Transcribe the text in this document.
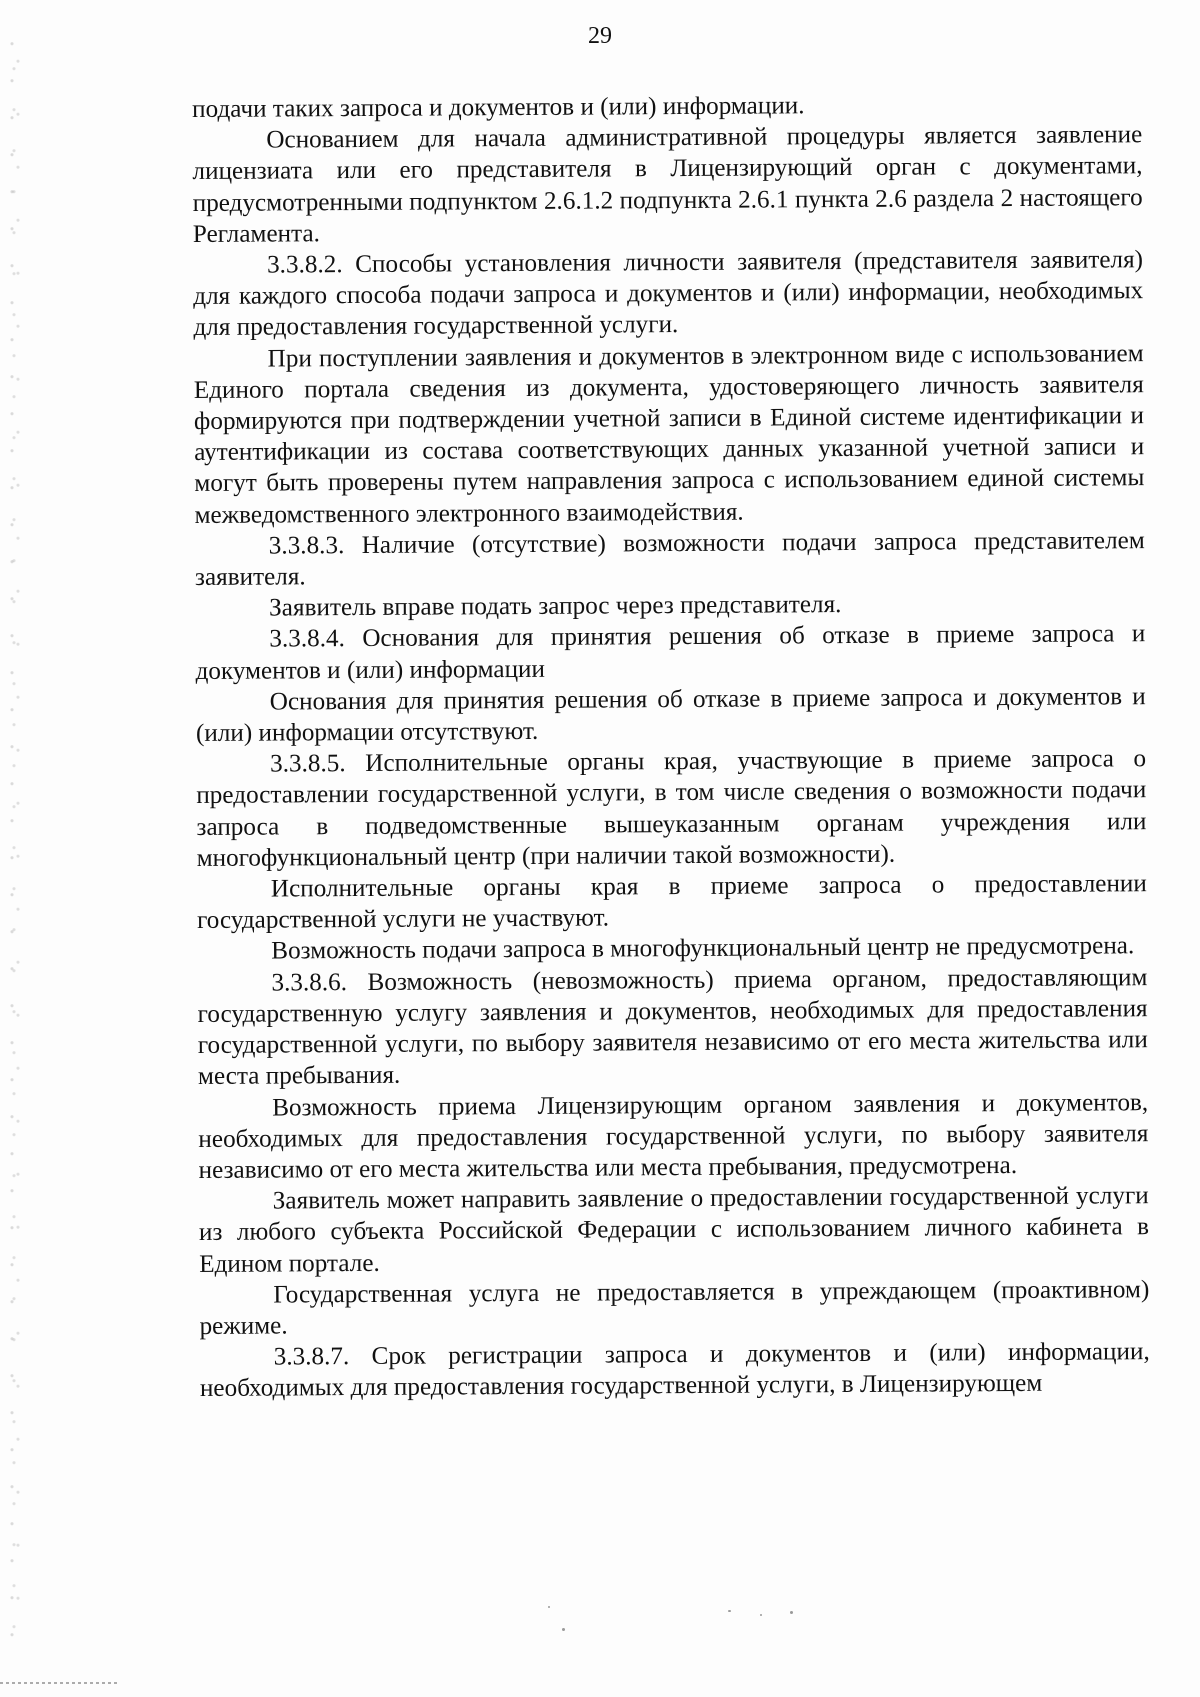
29

подачи таких запроса и документов и (или) информации.

Основанием для начала административной процедуры является заявление лицензиата или его представителя в Лицензирующий орган с документами, предусмотренными подпунктом 2.6.1.2 подпункта 2.6.1 пункта 2.6 раздела 2 настоящего Регламента.

3.3.8.2. Способы установления личности заявителя (представителя заявителя) для каждого способа подачи запроса и документов и (или) информации, необходимых для предоставления государственной услуги.

При поступлении заявления и документов в электронном виде с использованием Единого портала сведения из документа, удостоверяющего личность заявителя формируются при подтверждении учетной записи в Единой системе идентификации и аутентификации из состава соответствующих данных указанной учетной записи и могут быть проверены путем направления запроса с использованием единой системы межведомственного электронного взаимодействия.

3.3.8.3. Наличие (отсутствие) возможности подачи запроса представителем заявителя.

Заявитель вправе подать запрос через представителя.

3.3.8.4. Основания для принятия решения об отказе в приеме запроса и документов и (или) информации

Основания для принятия решения об отказе в приеме запроса и документов и (или) информации отсутствуют.

3.3.8.5. Исполнительные органы края, участвующие в приеме запроса о предоставлении государственной услуги, в том числе сведения о возможности подачи запроса в подведомственные вышеуказанным органам учреждения или многофункциональный центр (при наличии такой возможности).

Исполнительные органы края в приеме запроса о предоставлении государственной услуги не участвуют.

Возможность подачи запроса в многофункциональный центр не предусмотрена.

3.3.8.6. Возможность (невозможность) приема органом, предоставляющим государственную услугу заявления и документов, необходимых для предоставления государственной услуги, по выбору заявителя независимо от его места жительства или места пребывания.

Возможность приема Лицензирующим органом заявления и документов, необходимых для предоставления государственной услуги, по выбору заявителя независимо от его места жительства или места пребывания, предусмотрена.

Заявитель может направить заявление о предоставлении государственной услуги из любого субъекта Российской Федерации с использованием личного кабинета в Едином портале.

Государственная услуга не предоставляется в упреждающем (проактивном) режиме.

3.3.8.7. Срок регистрации запроса и документов и (или) информации, необходимых для предоставления государственной услуги, в Лицензирующем
